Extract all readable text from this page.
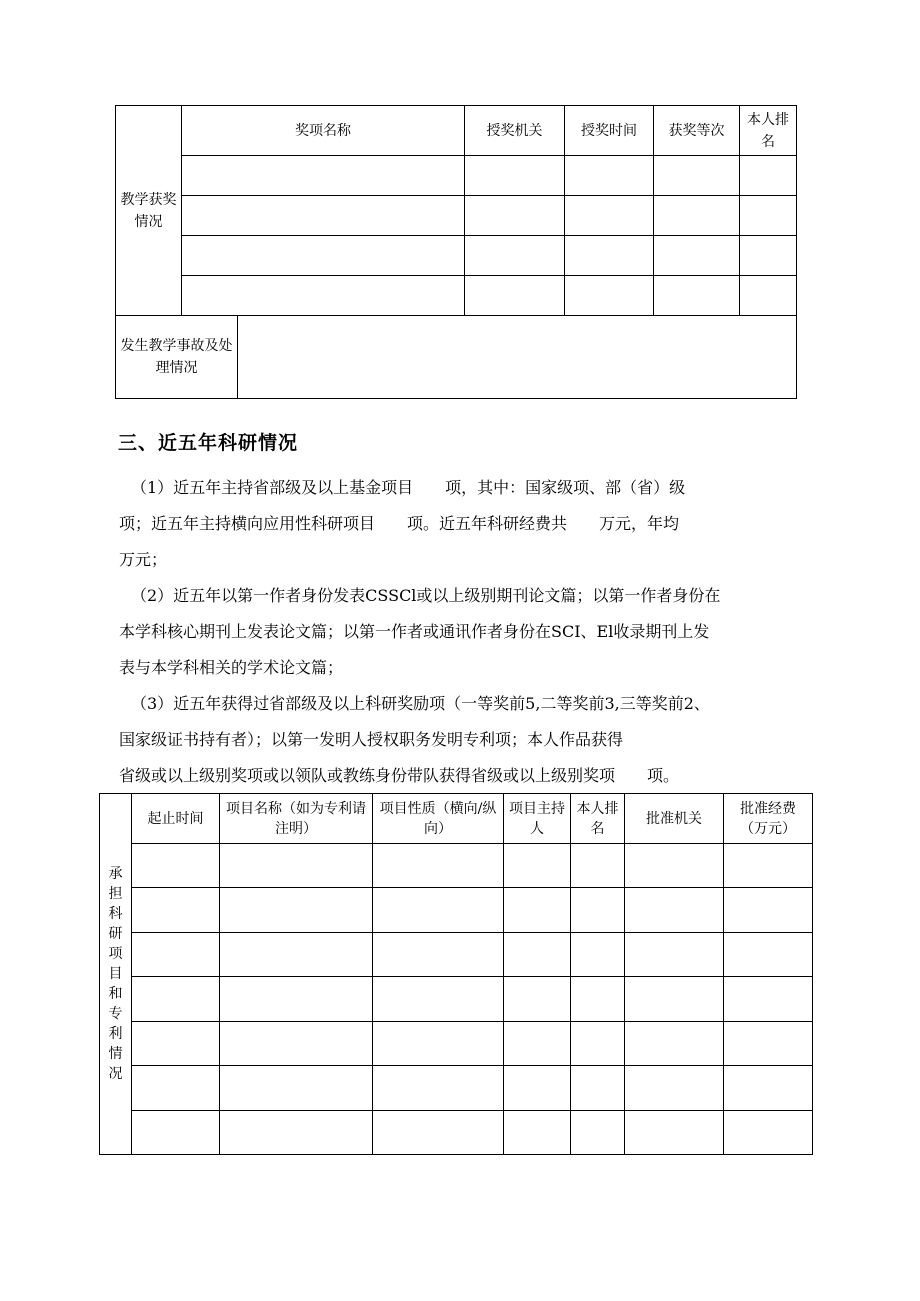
教学获奖情况	奖项名称	授奖机关	授奖时间	获奖等次	本人排名

发生教学事故及处理情况	
三、近五年科研情况
（1）近五年主持省部级及以上基金项目　　项，其中：国家级项、部（省）级
项；近五年主持横向应用性科研项目　　项。近五年科研经费共　　万元，年均
万元；
（2）近五年以第一作者身份发表CSSCl或以上级别期刊论文篇；以第一作者身份在
本学科核心期刊上发表论文篇；以第一作者或通讯作者身份在SCI、El收录期刊上发
表与本学科相关的学术论文篇；
（3）近五年获得过省部级及以上科研奖励项（一等奖前5,二等奖前3,三等奖前2、
国家级证书持有者）；以第一发明人授权职务发明专利项；本人作品获得
省级或以上级别奖项或以领队或教练身份带队获得省级或以上级别奖项　　项。
承担科研项目和专利情况	起止时间	项目名称（如为专利请注明）	项目性质（横向/纵向）	项目主持人	本人排名	批准机关	批准经费（万元）
